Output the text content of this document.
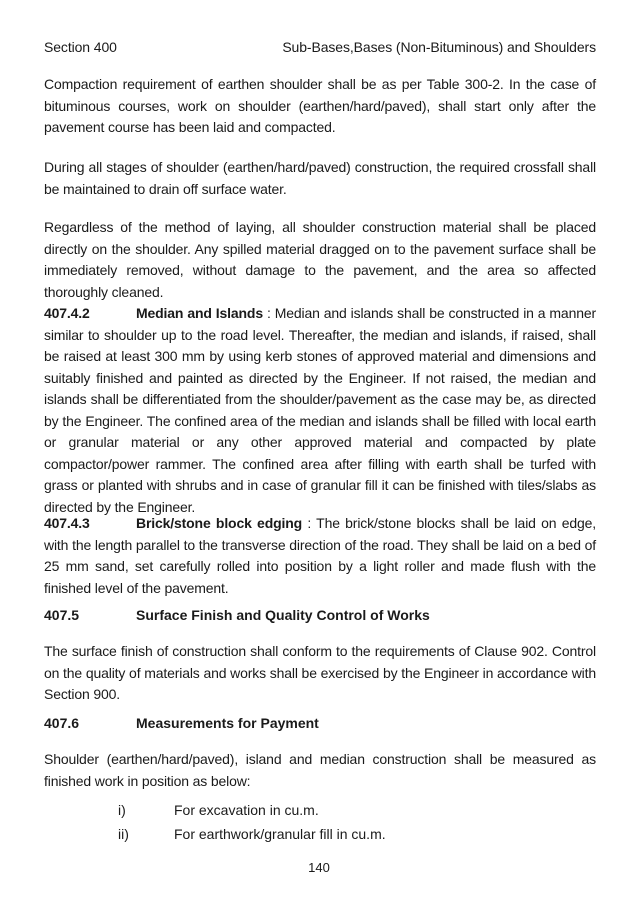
Section 400	Sub-Bases,Bases (Non-Bituminous) and Shoulders

Compaction requirement of earthen shoulder shall be as per Table 300-2. In the case of bituminous courses, work on shoulder (earthen/hard/paved), shall start only after the pavement course has been laid and compacted.

During all stages of shoulder (earthen/hard/paved) construction, the required crossfall shall be maintained to drain off surface water.

Regardless of the method of laying, all shoulder construction material shall be placed directly on the shoulder. Any spilled material dragged on to the pavement surface shall be immediately removed, without damage to the pavement, and the area so affected thoroughly cleaned.

407.4.2	Median and Islands : Median and islands shall be constructed in a manner similar to shoulder up to the road level. Thereafter, the median and islands, if raised, shall be raised at least 300 mm by using kerb stones of approved material and dimensions and suitably finished and painted as directed by the Engineer. If not raised, the median and islands shall be differentiated from the shoulder/pavement as the case may be, as directed by the Engineer. The confined area of the median and islands shall be filled with local earth or granular material or any other approved material and compacted by plate compactor/power rammer. The confined area after filling with earth shall be turfed with grass or planted with shrubs and in case of granular fill it can be finished with tiles/slabs as directed by the Engineer.

407.4.3	Brick/stone block edging : The brick/stone blocks shall be laid on edge, with the length parallel to the transverse direction of the road. They shall be laid on a bed of 25 mm sand, set carefully rolled into position by a light roller and made flush with the finished level of the pavement.

407.5	Surface Finish and Quality Control of Works

The surface finish of construction shall conform to the requirements of Clause 902. Control on the quality of materials and works shall be exercised by the Engineer in accordance with Section 900.

407.6	Measurements for Payment

Shoulder (earthen/hard/paved), island and median construction shall be measured as finished work in position as below:

i)	For excavation in cu.m.
ii)	For earthwork/granular fill in cu.m.
140
